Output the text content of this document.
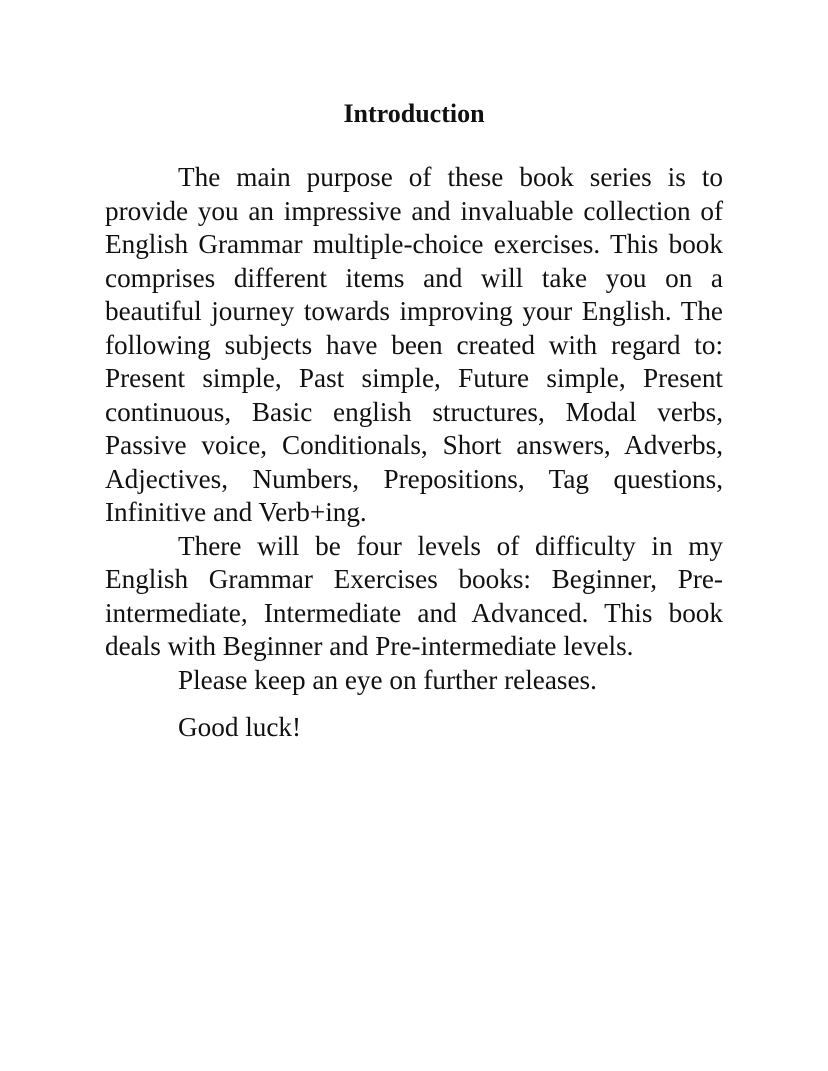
Introduction

The main purpose of these book series is to provide you an impressive and invaluable collection of English Grammar multiple-choice exercises. This book comprises different items and will take you on a beautiful journey towards improving your English. The following subjects have been created with regard to: Present simple, Past simple, Future simple, Present continuous, Basic english structures, Modal verbs, Passive voice, Conditionals, Short answers, Adverbs, Adjectives, Numbers, Prepositions, Tag questions, Infinitive and Verb+ing.

There will be four levels of difficulty in my English Grammar Exercises books: Beginner, Pre-intermediate, Intermediate and Advanced. This book deals with Beginner and Pre-intermediate levels.

Please keep an eye on further releases.

Good luck!
